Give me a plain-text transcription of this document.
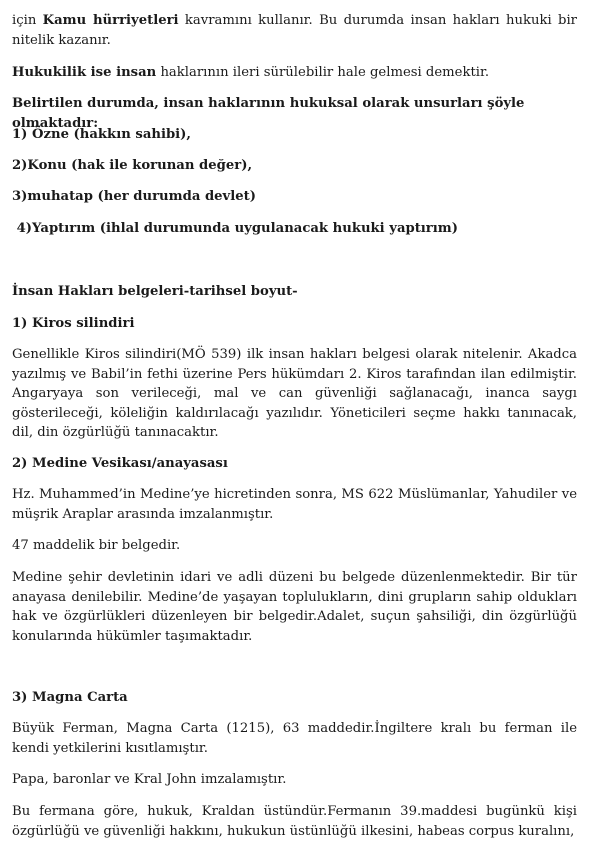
için Kamu hürriyetleri kavramını kullanır. Bu durumda insan hakları hukuki bir nitelik kazanır.

Hukukilik ise insan haklarının ileri sürülebilir hale gelmesi demektir.

Belirtilen durumda, insan haklarının hukuksal olarak unsurları şöyle olmaktadır:

1) Özne (hakkın sahibi),

2)Konu (hak ile korunan değer),

3)muhatap (her durumda devlet)

4)Yaptırım (ihlal durumunda uygulanacak hukuki yaptırım)

İnsan Hakları belgeleri-tarihsel boyut-

1) Kiros silindiri

Genellikle Kiros silindiri(MÖ 539) ilk insan hakları belgesi olarak nitelenir. Akadca yazılmış ve Babil’in fethi üzerine Pers hükümdarı 2. Kiros tarafından ilan edilmiştir. Angaryaya son verileceği, mal ve can güvenliği sağlanacağı, inanca saygı gösterileceği, köleliğin kaldırılacağı yazılıdır. Yöneticileri seçme hakkı tanınacak, dil, din özgürlüğü tanınacaktır.

2) Medine Vesikası/anayasası

Hz. Muhammed’in Medine’ye hicretinden sonra, MS 622 Müslümanlar, Yahudiler ve müşrik Araplar arasında imzalanmıştır.

47 maddelik bir belgedir.

Medine şehir devletinin idari ve adli düzeni bu belgede düzenlenmektedir. Bir tür anayasa denilebilir. Medine’de yaşayan toplulukların, dini grupların sahip oldukları hak ve özgürlükleri düzenleyen bir belgedir.Adalet, suçun şahsiliği, din özgürlüğü konularında hükümler taşımaktadır.

3) Magna Carta

Büyük Ferman, Magna Carta (1215), 63 maddedir.İngiltere kralı bu ferman ile kendi yetkilerini kısıtlamıştır.

Papa, baronlar ve Kral John imzalamıştır.

Bu fermana göre, hukuk, Kraldan üstündür.Fermanın 39.maddesi bugünkü kişi özgürlüğü ve güvenliği hakkını, hukukun üstünlüğü ilkesini, habeas corpus kuralını,
